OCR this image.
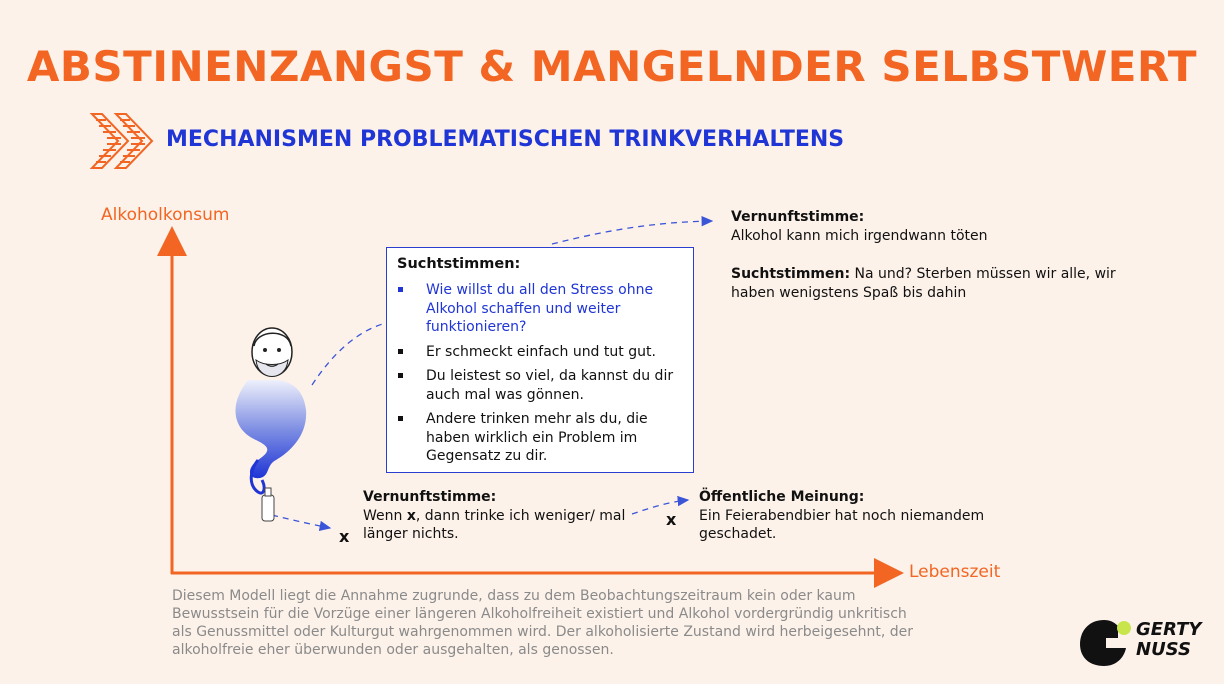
ABSTINENZANGST & MANGELNDER SELBSTWERT
MECHANISMEN PROBLEMATISCHEN TRINKVERHALTENS
Suchtstimmen:
Wie willst du all den Stress ohne Alkohol schaffen und weiter funktionieren?
Er schmeckt einfach und tut gut.
Du leistest so viel, da kannst du dir auch mal was gönnen.
Andere trinken mehr als du, die haben wirklich ein Problem im Gegensatz zu dir.
Vernunftstimme:
Alkohol kann mich irgendwann töten
Suchtstimmen: Na und? Sterben müssen wir alle, wir haben wenigstens Spaß bis dahin
Vernunftstimme:
Wenn x, dann trinke ich weniger/ mal länger nichts.
Öffentliche Meinung:
Ein Feierabendbier hat noch niemandem geschadet.
x
x
Alkoholkonsum
Lebenszeit
Diesem Modell liegt die Annahme zugrunde, dass zu dem Beobachtungszeitraum kein oder kaum Bewusstsein für die Vorzüge einer längeren Alkoholfreiheit existiert und Alkohol vordergründig unkritisch als Genussmittel oder Kulturgut wahrgenommen wird. Der alkoholisierte Zustand wird herbeigesehnt, der alkoholfreie eher überwunden oder ausgehalten, als genossen.
GERTY
NUSS
